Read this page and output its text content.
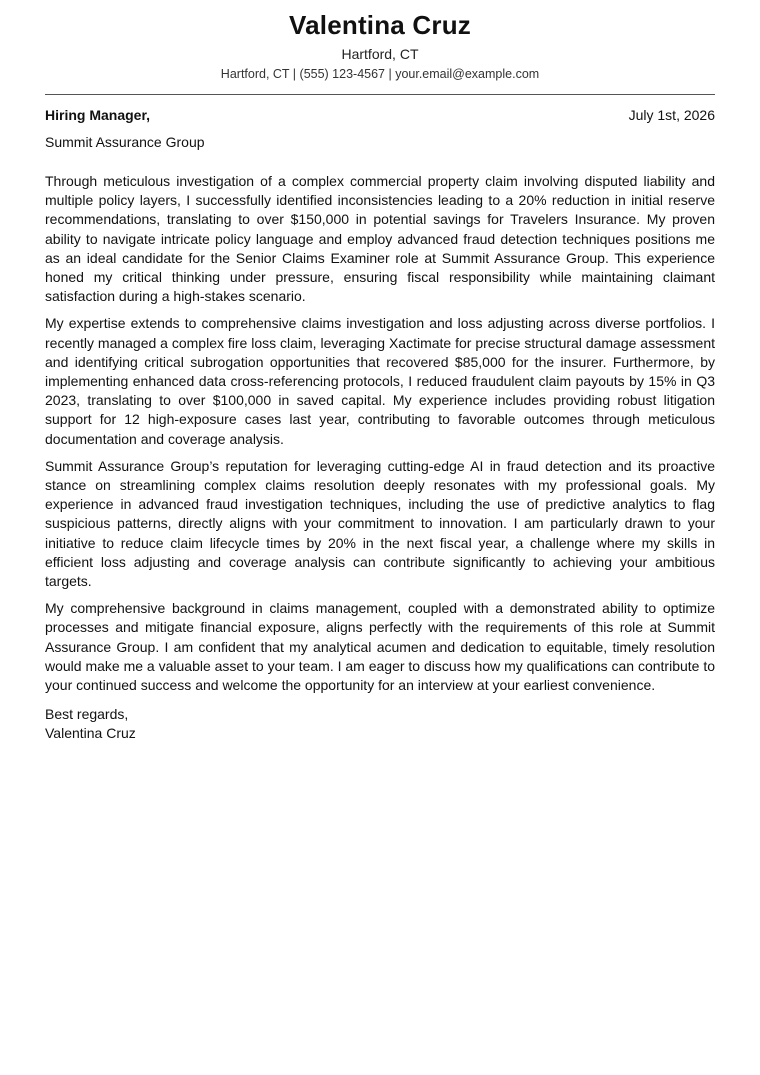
Valentina Cruz
Hartford, CT
Hartford, CT | (555) 123-4567 | your.email@example.com
Hiring Manager,	July 1st, 2026
Summit Assurance Group

Through meticulous investigation of a complex commercial property claim involving disputed liability and multiple policy layers, I successfully identified inconsistencies leading to a 20% reduction in initial reserve recommendations, translating to over $150,000 in potential savings for Travelers Insurance. My proven ability to navigate intricate policy language and employ advanced fraud detection techniques positions me as an ideal candidate for the Senior Claims Examiner role at Summit Assurance Group. This experience honed my critical thinking under pressure, ensuring fiscal responsibility while maintaining claimant satisfaction during a high-stakes scenario.

My expertise extends to comprehensive claims investigation and loss adjusting across diverse portfolios. I recently managed a complex fire loss claim, leveraging Xactimate for precise structural damage assessment and identifying critical subrogation opportunities that recovered $85,000 for the insurer. Furthermore, by implementing enhanced data cross-referencing protocols, I reduced fraudulent claim payouts by 15% in Q3 2023, translating to over $100,000 in saved capital. My experience includes providing robust litigation support for 12 high-exposure cases last year, contributing to favorable outcomes through meticulous documentation and coverage analysis.

Summit Assurance Group’s reputation for leveraging cutting-edge AI in fraud detection and its proactive stance on streamlining complex claims resolution deeply resonates with my professional goals. My experience in advanced fraud investigation techniques, including the use of predictive analytics to flag suspicious patterns, directly aligns with your commitment to innovation. I am particularly drawn to your initiative to reduce claim lifecycle times by 20% in the next fiscal year, a challenge where my skills in efficient loss adjusting and coverage analysis can contribute significantly to achieving your ambitious targets.

My comprehensive background in claims management, coupled with a demonstrated ability to optimize processes and mitigate financial exposure, aligns perfectly with the requirements of this role at Summit Assurance Group. I am confident that my analytical acumen and dedication to equitable, timely resolution would make me a valuable asset to your team. I am eager to discuss how my qualifications can contribute to your continued success and welcome the opportunity for an interview at your earliest convenience.

Best regards,
Valentina Cruz
